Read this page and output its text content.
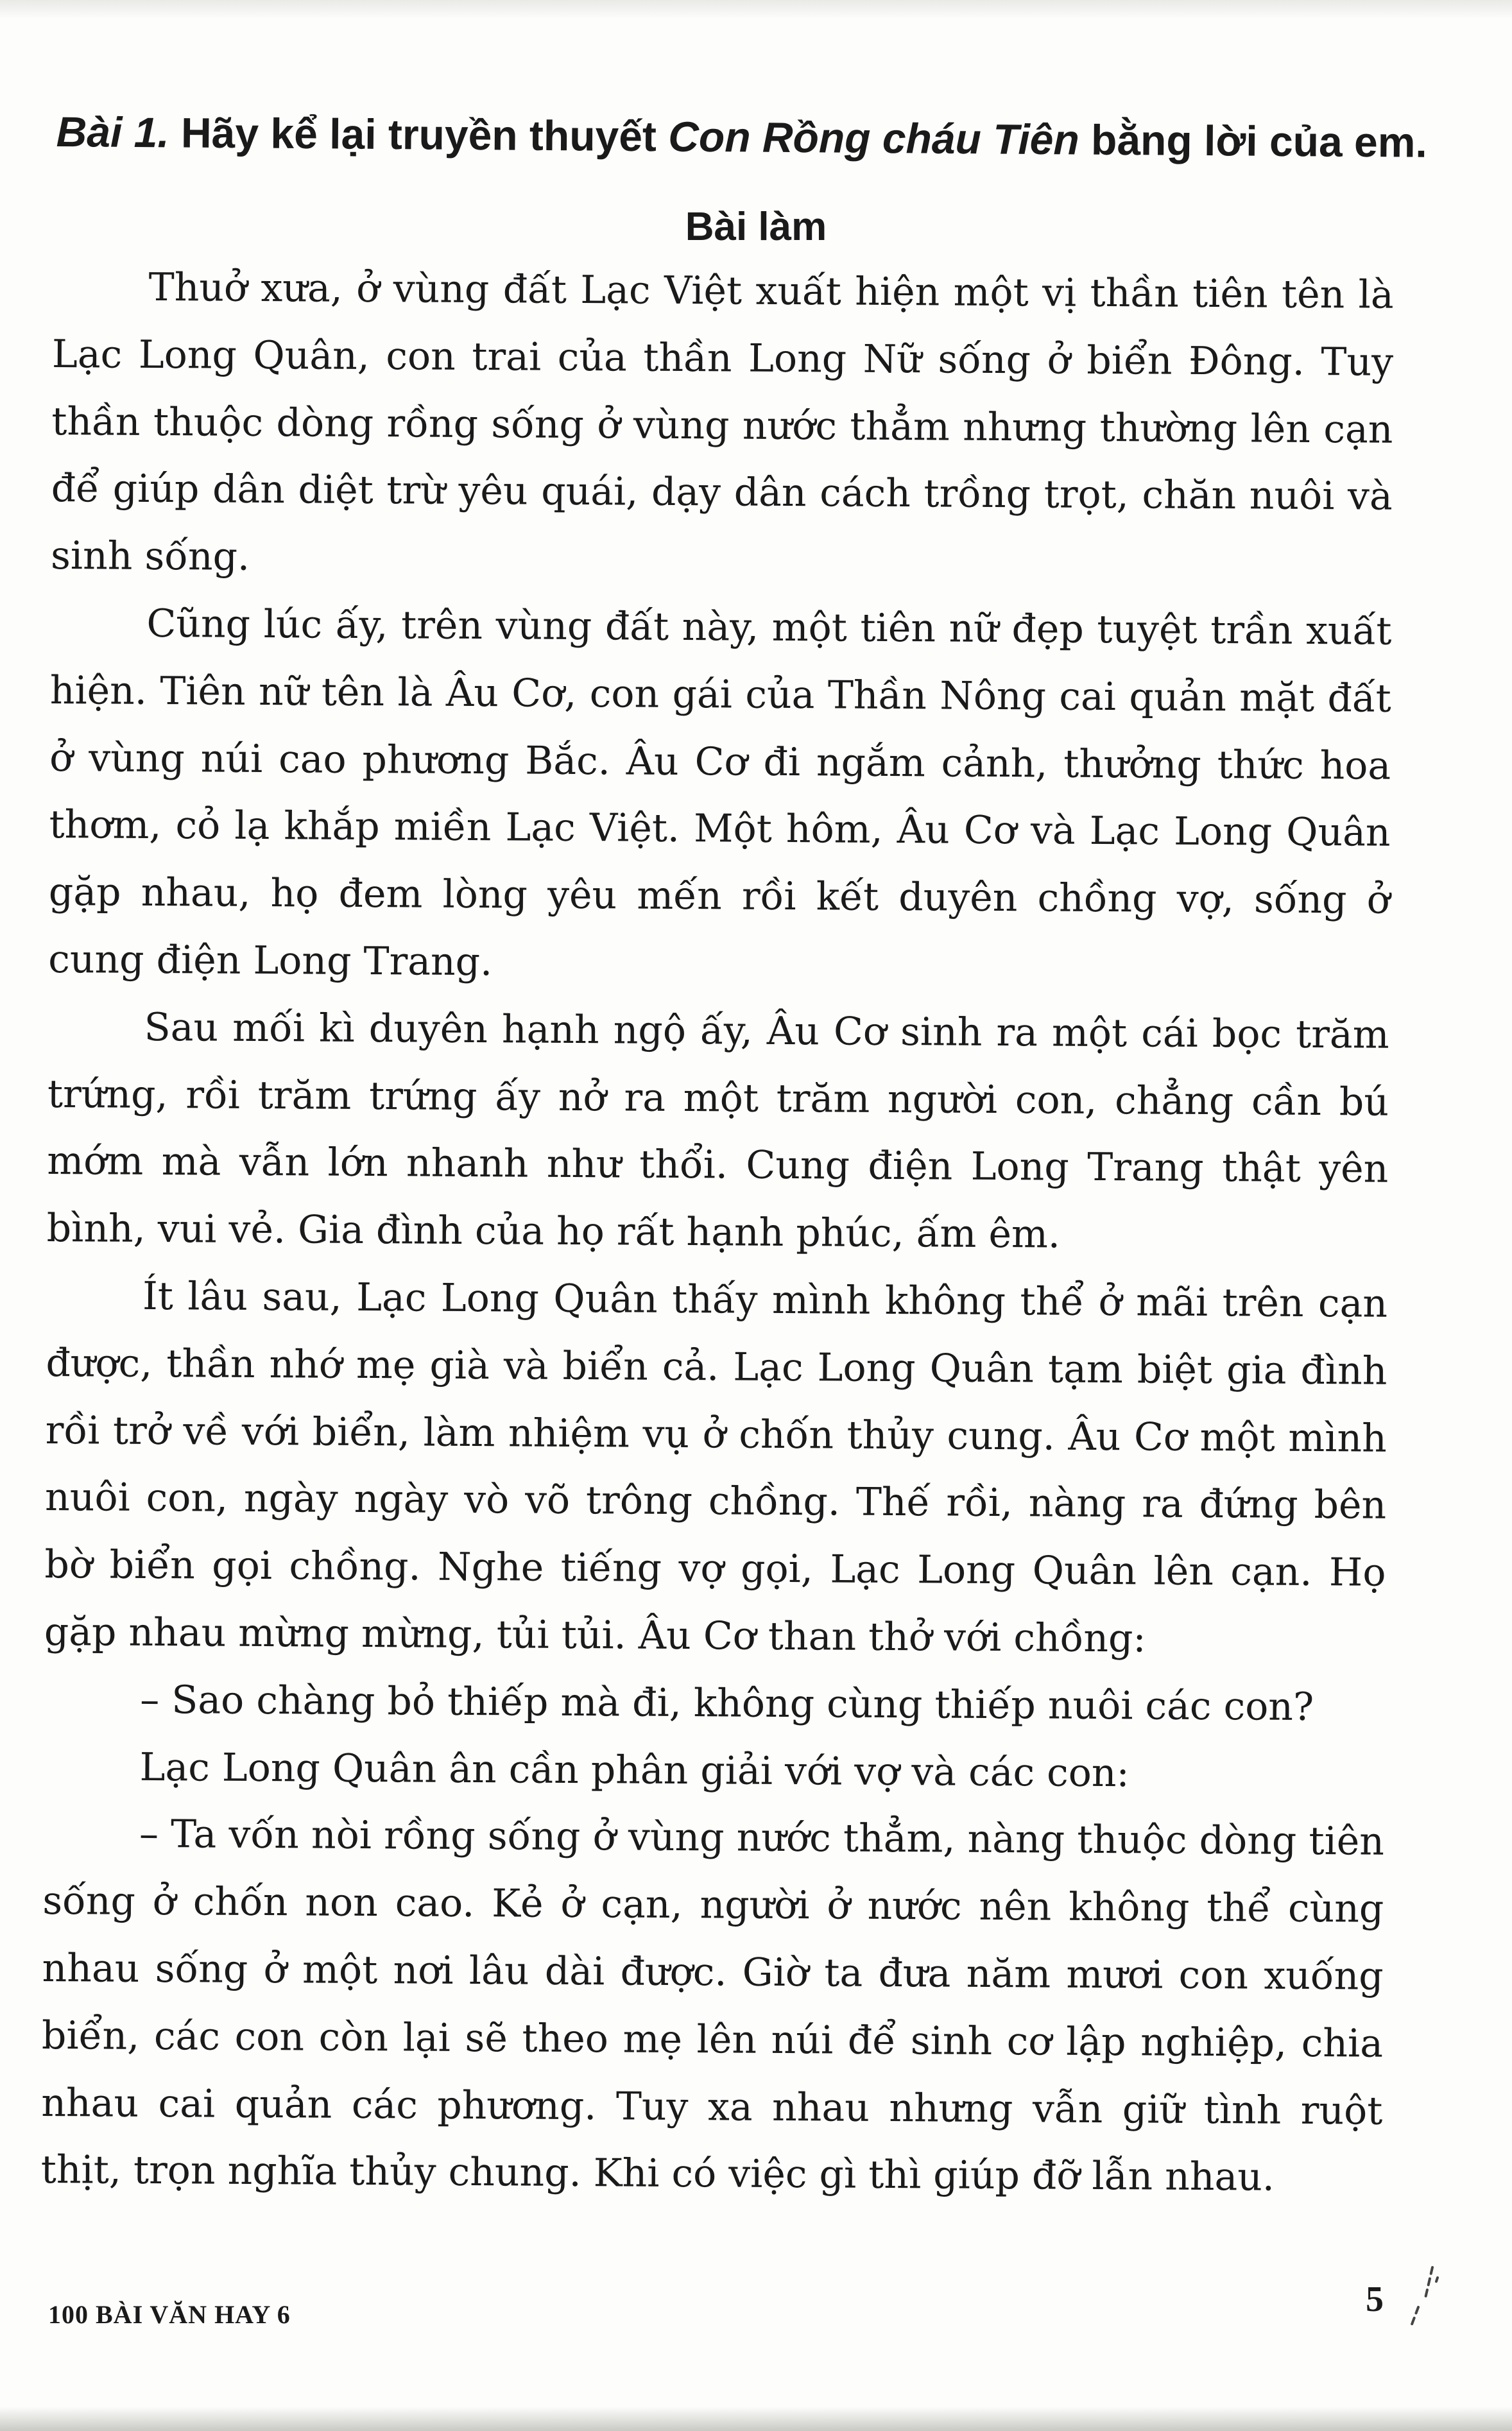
Bài 1. Hãy kể lại truyền thuyết Con Rồng cháu Tiên bằng lời của em.
Bài làm

Thuở xưa, ở vùng đất Lạc Việt xuất hiện một vị thần tiên tên là Lạc Long Quân, con trai của thần Long Nữ sống ở biển Đông. Tuy thần thuộc dòng rồng sống ở vùng nước thẳm nhưng thường lên cạn để giúp dân diệt trừ yêu quái, dạy dân cách trồng trọt, chăn nuôi và sinh sống.

Cũng lúc ấy, trên vùng đất này, một tiên nữ đẹp tuyệt trần xuất hiện. Tiên nữ tên là Âu Cơ, con gái của Thần Nông cai quản mặt đất ở vùng núi cao phương Bắc. Âu Cơ đi ngắm cảnh, thưởng thức hoa thơm, cỏ lạ khắp miền Lạc Việt. Một hôm, Âu Cơ và Lạc Long Quân gặp nhau, họ đem lòng yêu mến rồi kết duyên chồng vợ, sống ở cung điện Long Trang.

Sau mối kì duyên hạnh ngộ ấy, Âu Cơ sinh ra một cái bọc trăm trứng, rồi trăm trứng ấy nở ra một trăm người con, chẳng cần bú mớm mà vẫn lớn nhanh như thổi. Cung điện Long Trang thật yên bình, vui vẻ. Gia đình của họ rất hạnh phúc, ấm êm.

Ít lâu sau, Lạc Long Quân thấy mình không thể ở mãi trên cạn được, thần nhớ mẹ già và biển cả. Lạc Long Quân tạm biệt gia đình rồi trở về với biển, làm nhiệm vụ ở chốn thủy cung. Âu Cơ một mình nuôi con, ngày ngày vò võ trông chồng. Thế rồi, nàng ra đứng bên bờ biển gọi chồng. Nghe tiếng vợ gọi, Lạc Long Quân lên cạn. Họ gặp nhau mừng mừng, tủi tủi. Âu Cơ than thở với chồng:

– Sao chàng bỏ thiếp mà đi, không cùng thiếp nuôi các con?

Lạc Long Quân ân cần phân giải với vợ và các con:

– Ta vốn nòi rồng sống ở vùng nước thẳm, nàng thuộc dòng tiên sống ở chốn non cao. Kẻ ở cạn, người ở nước nên không thể cùng nhau sống ở một nơi lâu dài được. Giờ ta đưa năm mươi con xuống biển, các con còn lại sẽ theo mẹ lên núi để sinh cơ lập nghiệp, chia nhau cai quản các phương. Tuy xa nhau nhưng vẫn giữ tình ruột thịt, trọn nghĩa thủy chung. Khi có việc gì thì giúp đỡ lẫn nhau.

100 BÀI VĂN HAY 6	5
